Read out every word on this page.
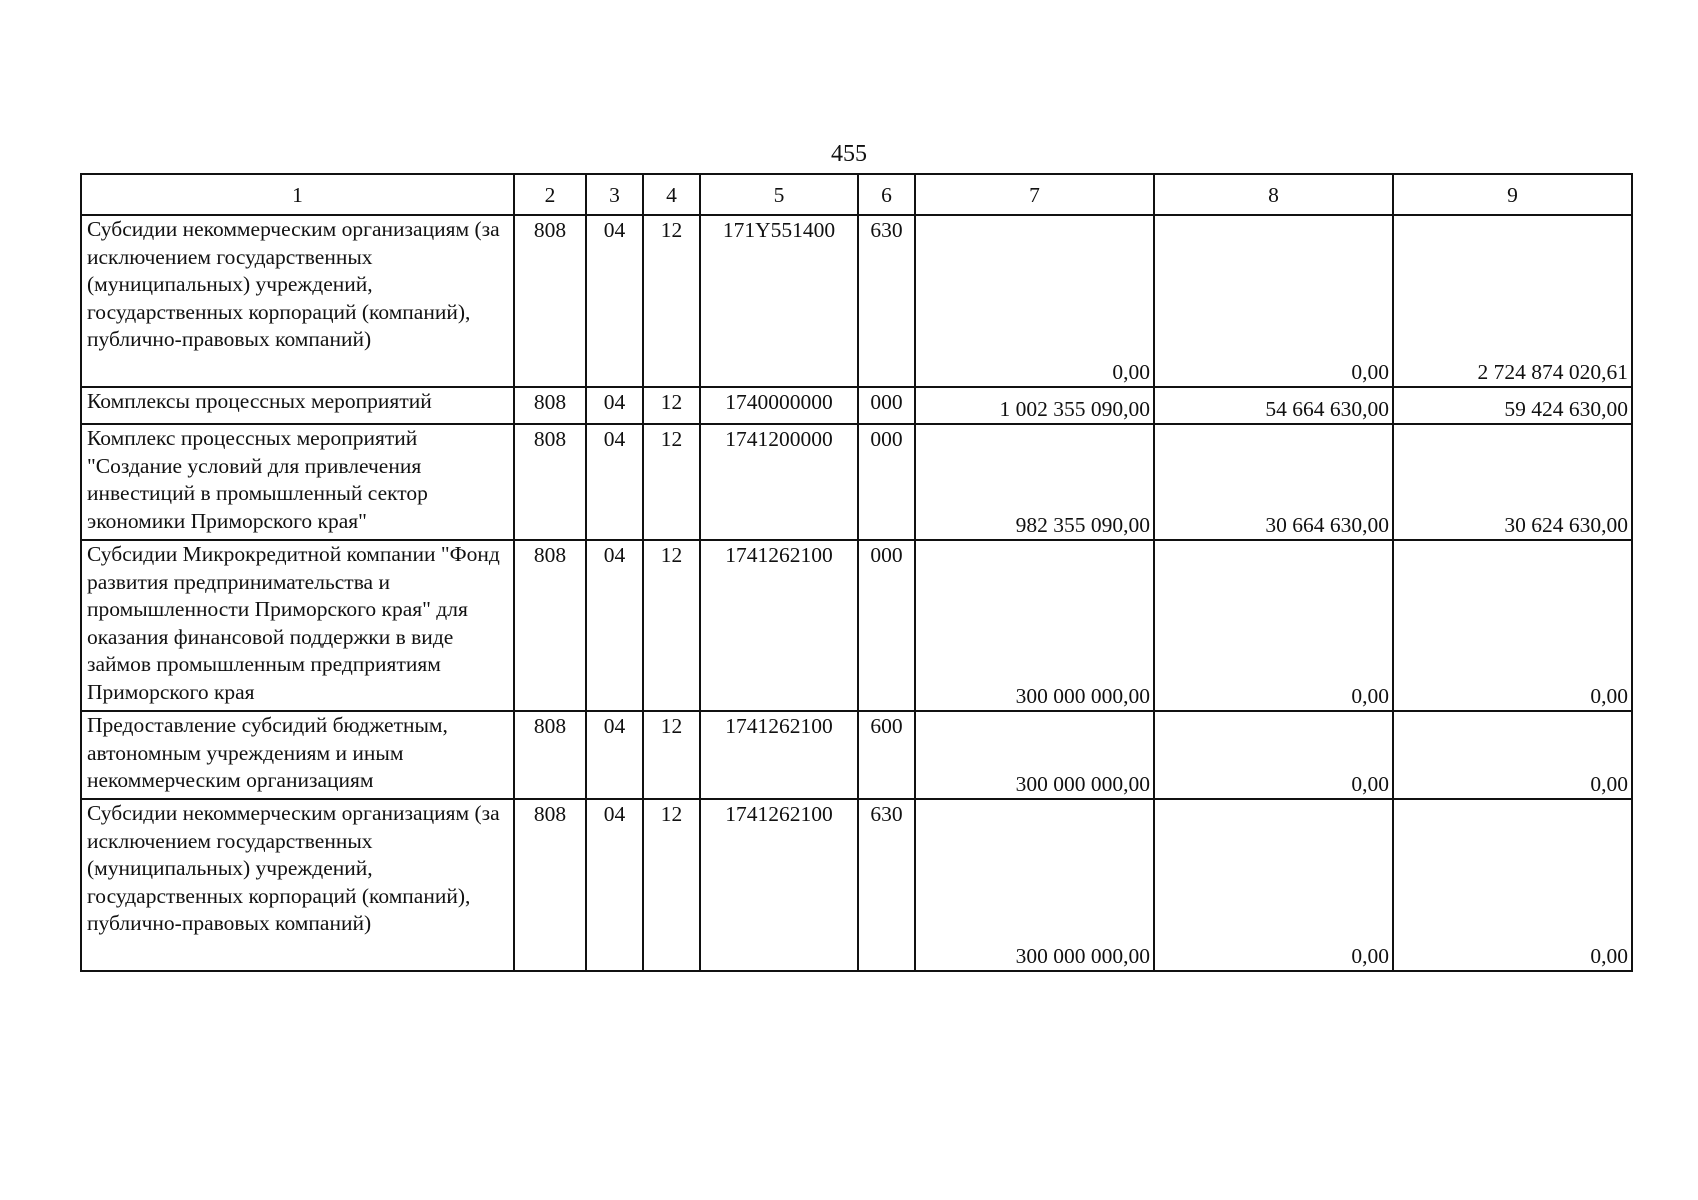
455
1	2	3	4	5	6	7	8	9
Субсидии некоммерческим организациям (за исключением государственных (муниципальных) учреждений, государственных корпораций (компаний), публично-правовых компаний)	808	04	12	171Y551400	630	0,00	0,00	2 724 874 020,61
Комплексы процессных мероприятий	808	04	12	1740000000	000	1 002 355 090,00	54 664 630,00	59 424 630,00
Комплекс процессных мероприятий "Создание условий для привлечения инвестиций в промышленный сектор экономики Приморского края"	808	04	12	1741200000	000	982 355 090,00	30 664 630,00	30 624 630,00
Субсидии Микрокредитной компании "Фонд развития предпринимательства и промышленности Приморского края" для оказания финансовой поддержки в виде займов промышленным предприятиям Приморского края	808	04	12	1741262100	000	300 000 000,00	0,00	0,00
Предоставление субсидий бюджетным, автономным учреждениям и иным некоммерческим организациям	808	04	12	1741262100	600	300 000 000,00	0,00	0,00
Субсидии некоммерческим организациям (за исключением государственных (муниципальных) учреждений, государственных корпораций (компаний), публично-правовых компаний)	808	04	12	1741262100	630	300 000 000,00	0,00	0,00
